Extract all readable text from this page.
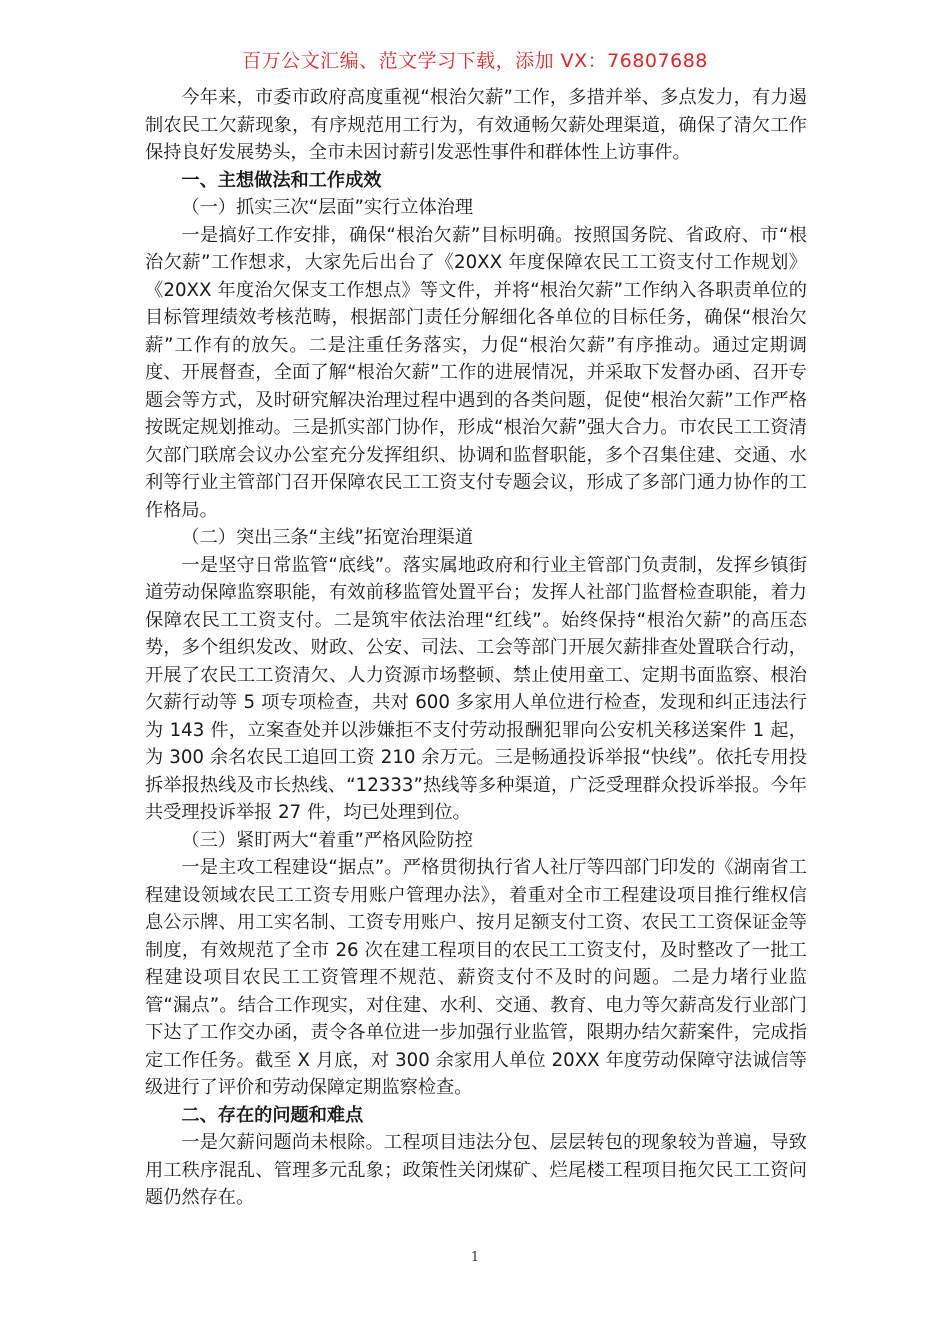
百万公文汇编、范文学习下载，添加 VX：76807688

今年来，市委市政府高度重视“根治欠薪”工作，多措并举、多点发力，有力遏制农民工欠薪现象，有序规范用工行为，有效通畅欠薪处理渠道，确保了清欠工作保持良好发展势头，全市未因讨薪引发恶性事件和群体性上访事件。

一、主想做法和工作成效

（一）抓实三次“层面”实行立体治理

一是搞好工作安排，确保“根治欠薪”目标明确。按照国务院、省政府、市“根治欠薪”工作想求，大家先后出台了《20XX 年度保障农民工工资支付工作规划》《20XX 年度治欠保支工作想点》等文件，并将“根治欠薪”工作纳入各职责单位的目标管理绩效考核范畴，根据部门责任分解细化各单位的目标任务，确保“根治欠薪”工作有的放矢。二是注重任务落实，力促“根治欠薪”有序推动。通过定期调度、开展督查，全面了解“根治欠薪”工作的进展情况，并采取下发督办函、召开专题会等方式，及时研究解决治理过程中遇到的各类问题，促使“根治欠薪”工作严格按既定规划推动。三是抓实部门协作，形成“根治欠薪”强大合力。市农民工工资清欠部门联席会议办公室充分发挥组织、协调和监督职能，多个召集住建、交通、水利等行业主管部门召开保障农民工工资支付专题会议，形成了多部门通力协作的工作格局。

（二）突出三条“主线”拓宽治理渠道

一是坚守日常监管“底线”。落实属地政府和行业主管部门负责制，发挥乡镇街道劳动保障监察职能，有效前移监管处置平台；发挥人社部门监督检查职能，着力保障农民工工资支付。二是筑牢依法治理“红线”。始终保持“根治欠薪”的高压态势，多个组织发改、财政、公安、司法、工会等部门开展欠薪排查处置联合行动，开展了农民工工资清欠、人力资源市场整顿、禁止使用童工、定期书面监察、根治欠薪行动等 5 项专项检查，共对 600 多家用人单位进行检查，发现和纠正违法行为 143 件，立案查处并以涉嫌拒不支付劳动报酬犯罪向公安机关移送案件 1 起，为 300 余名农民工追回工资 210 余万元。三是畅通投诉举报“快线”。依托专用投拆举报热线及市长热线、“12333”热线等多种渠道，广泛受理群众投诉举报。今年共受理投诉举报 27 件，均已处理到位。

（三）紧盯两大“着重”严格风险防控

一是主攻工程建设“据点”。严格贯彻执行省人社厅等四部门印发的《湖南省工程建设领域农民工工资专用账户管理办法》，着重对全市工程建设项目推行维权信息公示牌、用工实名制、工资专用账户、按月足额支付工资、农民工工资保证金等制度，有效规范了全市 26 次在建工程项目的农民工工资支付，及时整改了一批工程建设项目农民工工资管理不规范、薪资支付不及时的问题。二是力堵行业监管“漏点”。结合工作现实，对住建、水利、交通、教育、电力等欠薪高发行业部门下达了工作交办函，责令各单位进一步加强行业监管，限期办结欠薪案件，完成指定工作任务。截至 X 月底，对 300 余家用人单位 20XX 年度劳动保障守法诚信等级进行了评价和劳动保障定期监察检查。

二、存在的问题和难点

一是欠薪问题尚未根除。工程项目违法分包、层层转包的现象较为普遍，导致用工秩序混乱、管理多元乱象；政策性关闭煤矿、烂尾楼工程项目拖欠民工工资问题仍然存在。

1
